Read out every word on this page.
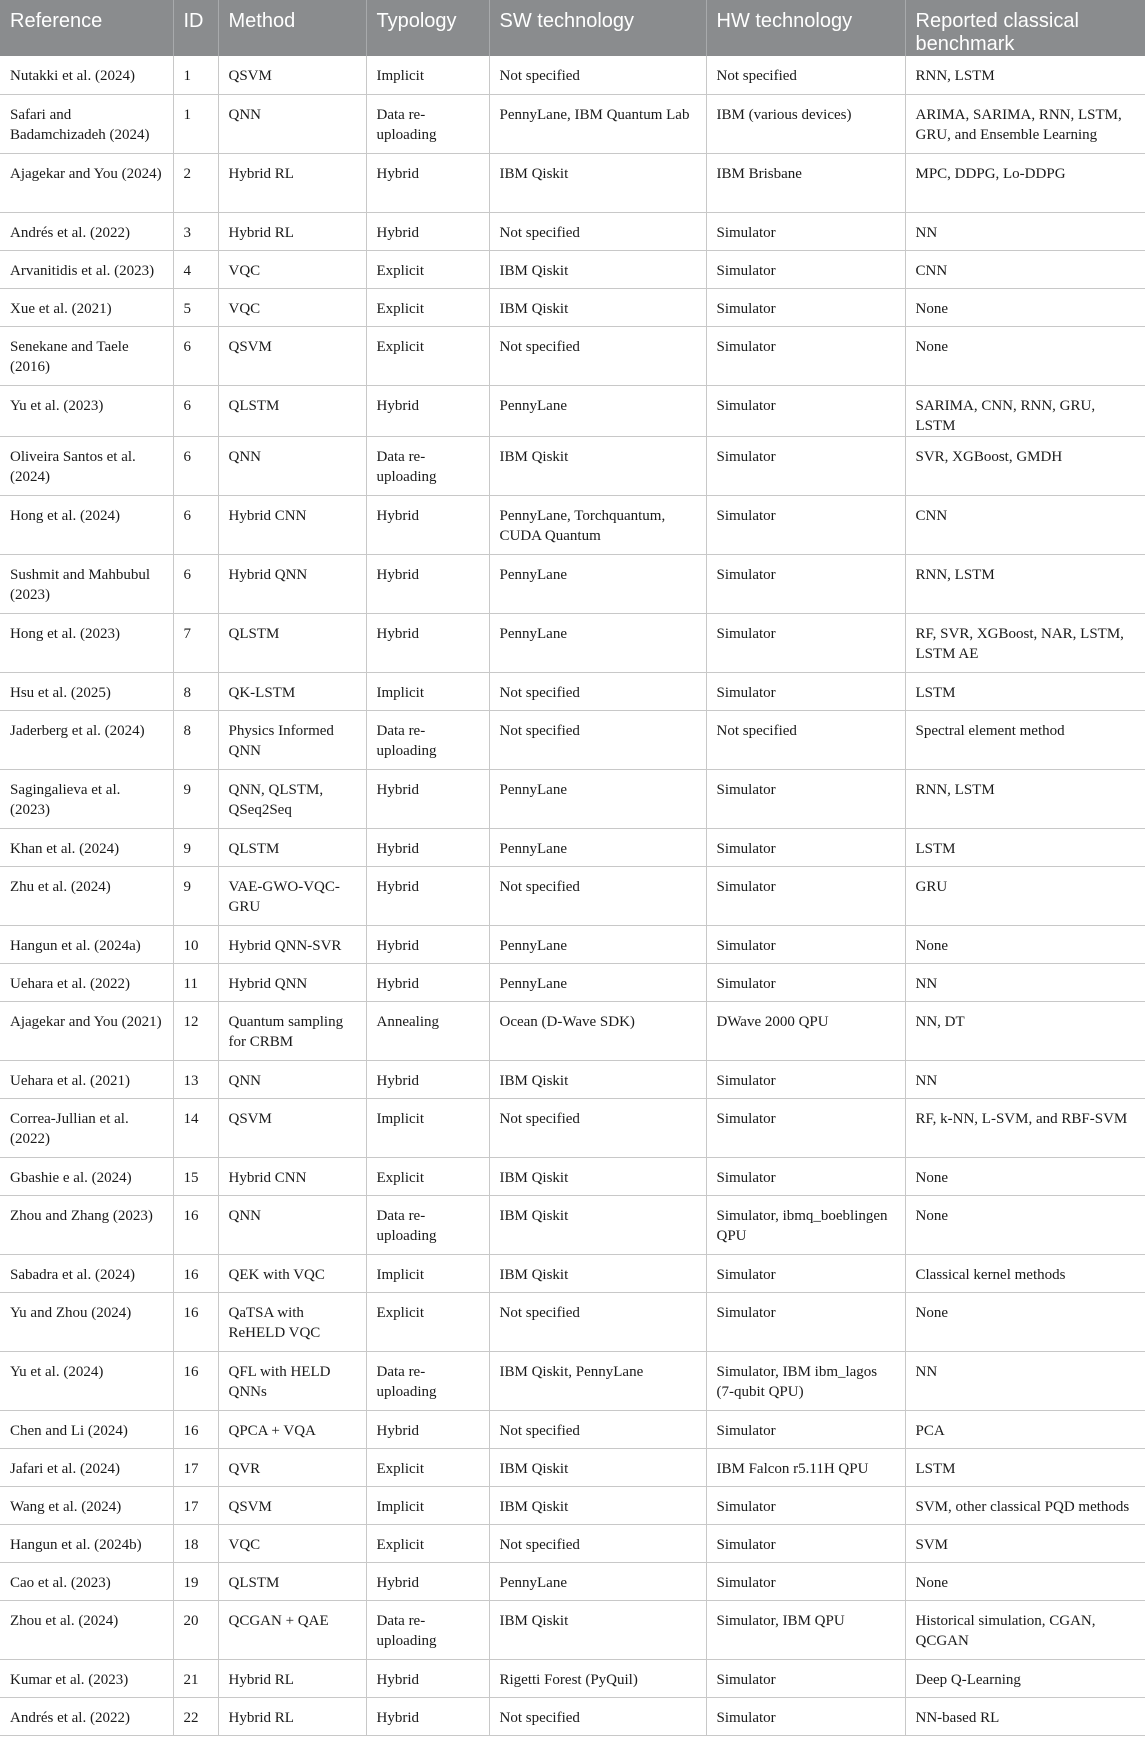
Reference	ID	Method	Typology	SW technology	HW technology	Reported classical benchmark
Nutakki et al. (2024)	1	QSVM	Implicit	Not specified	Not specified	RNN, LSTM
Safari and Badamchizadeh (2024)	1	QNN	Data re-uploading	PennyLane, IBM Quantum Lab	IBM (various devices)	ARIMA, SARIMA, RNN, LSTM, GRU, and Ensemble Learning
Ajagekar and You (2024)	2	Hybrid RL	Hybrid	IBM Qiskit	IBM Brisbane	MPC, DDPG, Lo-DDPG
Andrés et al. (2022)	3	Hybrid RL	Hybrid	Not specified	Simulator	NN
Arvanitidis et al. (2023)	4	VQC	Explicit	IBM Qiskit	Simulator	CNN
Xue et al. (2021)	5	VQC	Explicit	IBM Qiskit	Simulator	None
Senekane and Taele (2016)	6	QSVM	Explicit	Not specified	Simulator	None
Yu et al. (2023)	6	QLSTM	Hybrid	PennyLane	Simulator	SARIMA, CNN, RNN, GRU, LSTM
Oliveira Santos et al. (2024)	6	QNN	Data re-uploading	IBM Qiskit	Simulator	SVR, XGBoost, GMDH
Hong et al. (2024)	6	Hybrid CNN	Hybrid	PennyLane, Torchquantum, CUDA Quantum	Simulator	CNN
Sushmit and Mahbubul (2023)	6	Hybrid QNN	Hybrid	PennyLane	Simulator	RNN, LSTM
Hong et al. (2023)	7	QLSTM	Hybrid	PennyLane	Simulator	RF, SVR, XGBoost, NAR, LSTM, LSTM AE
Hsu et al. (2025)	8	QK-LSTM	Implicit	Not specified	Simulator	LSTM
Jaderberg et al. (2024)	8	Physics Informed QNN	Data re-uploading	Not specified	Not specified	Spectral element method
Sagingalieva et al. (2023)	9	QNN, QLSTM, QSeq2Seq	Hybrid	PennyLane	Simulator	RNN, LSTM
Khan et al. (2024)	9	QLSTM	Hybrid	PennyLane	Simulator	LSTM
Zhu et al. (2024)	9	VAE-GWO-VQC-GRU	Hybrid	Not specified	Simulator	GRU
Hangun et al. (2024a)	10	Hybrid QNN-SVR	Hybrid	PennyLane	Simulator	None
Uehara et al. (2022)	11	Hybrid QNN	Hybrid	PennyLane	Simulator	NN
Ajagekar and You (2021)	12	Quantum sampling for CRBM	Annealing	Ocean (D-Wave SDK)	DWave 2000 QPU	NN, DT
Uehara et al. (2021)	13	QNN	Hybrid	IBM Qiskit	Simulator	NN
Correa-Jullian et al. (2022)	14	QSVM	Implicit	Not specified	Simulator	RF, k-NN, L-SVM, and RBF-SVM
Gbashie e al. (2024)	15	Hybrid CNN	Explicit	IBM Qiskit	Simulator	None
Zhou and Zhang (2023)	16	QNN	Data re-uploading	IBM Qiskit	Simulator, ibmq_boeblingen QPU	None
Sabadra et al. (2024)	16	QEK with VQC	Implicit	IBM Qiskit	Simulator	Classical kernel methods
Yu and Zhou (2024)	16	QaTSA with ReHELD VQC	Explicit	Not specified	Simulator	None
Yu et al. (2024)	16	QFL with HELD QNNs	Data re-uploading	IBM Qiskit, PennyLane	Simulator, IBM ibm_lagos (7-qubit QPU)	NN
Chen and Li (2024)	16	QPCA + VQA	Hybrid	Not specified	Simulator	PCA
Jafari et al. (2024)	17	QVR	Explicit	IBM Qiskit	IBM Falcon r5.11H QPU	LSTM
Wang et al. (2024)	17	QSVM	Implicit	IBM Qiskit	Simulator	SVM, other classical PQD methods
Hangun et al. (2024b)	18	VQC	Explicit	Not specified	Simulator	SVM
Cao et al. (2023)	19	QLSTM	Hybrid	PennyLane	Simulator	None
Zhou et al. (2024)	20	QCGAN + QAE	Data re-uploading	IBM Qiskit	Simulator, IBM QPU	Historical simulation, CGAN, QCGAN
Kumar et al. (2023)	21	Hybrid RL	Hybrid	Rigetti Forest (PyQuil)	Simulator	Deep Q-Learning
Andrés et al. (2022)	22	Hybrid RL	Hybrid	Not specified	Simulator	NN-based RL
